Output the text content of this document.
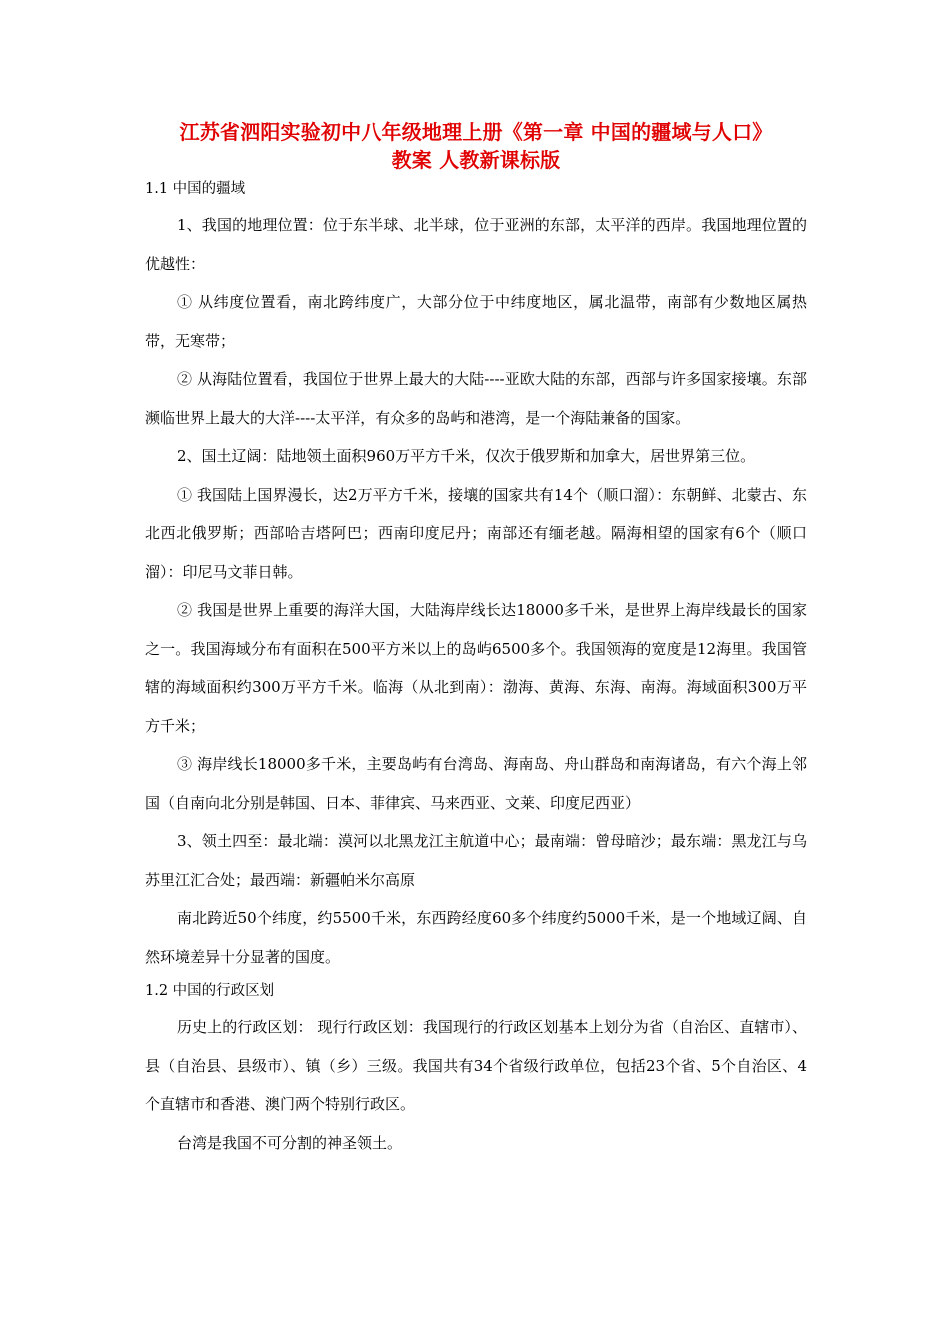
江苏省泗阳实验初中八年级地理上册《第一章 中国的疆域与人口》
教案 人教新课标版
1.1 中国的疆域

1、我国的地理位置：位于东半球、北半球，位于亚洲的东部，太平洋的西岸。我国地理位置的优越性：

① 从纬度位置看，南北跨纬度广，大部分位于中纬度地区，属北温带，南部有少数地区属热带，无寒带；

② 从海陆位置看，我国位于世界上最大的大陆----亚欧大陆的东部，西部与许多国家接壤。东部濒临世界上最大的大洋----太平洋，有众多的岛屿和港湾，是一个海陆兼备的国家。

2、国土辽阔：陆地领土面积960万平方千米，仅次于俄罗斯和加拿大，居世界第三位。

① 我国陆上国界漫长，达2万平方千米，接壤的国家共有14个（顺口溜）：东朝鲜、北蒙古、东北西北俄罗斯；西部哈吉塔阿巴；西南印度尼丹；南部还有缅老越。隔海相望的国家有6个（顺口溜）：印尼马文菲日韩。

② 我国是世界上重要的海洋大国，大陆海岸线长达18000多千米，是世界上海岸线最长的国家之一。我国海域分布有面积在500平方米以上的岛屿6500多个。我国领海的宽度是12海里。我国管辖的海域面积约300万平方千米。临海（从北到南）：渤海、黄海、东海、南海。海域面积300万平方千米；

③ 海岸线长18000多千米，主要岛屿有台湾岛、海南岛、舟山群岛和南海诸岛，有六个海上邻国（自南向北分别是韩国、日本、菲律宾、马来西亚、文莱、印度尼西亚）

3、领土四至：最北端：漠河以北黑龙江主航道中心；最南端：曾母暗沙；最东端：黑龙江与乌苏里江汇合处；最西端：新疆帕米尔高原

南北跨近50个纬度，约5500千米，东西跨经度60多个纬度约5000千米，是一个地域辽阔、自然环境差异十分显著的国度。

1.2 中国的行政区划

历史上的行政区划： 现行行政区划：我国现行的行政区划基本上划分为省（自治区、直辖市）、县（自治县、县级市）、镇（乡）三级。我国共有34个省级行政单位，包括23个省、5个自治区、4个直辖市和香港、澳门两个特别行政区。

台湾是我国不可分割的神圣领土。
